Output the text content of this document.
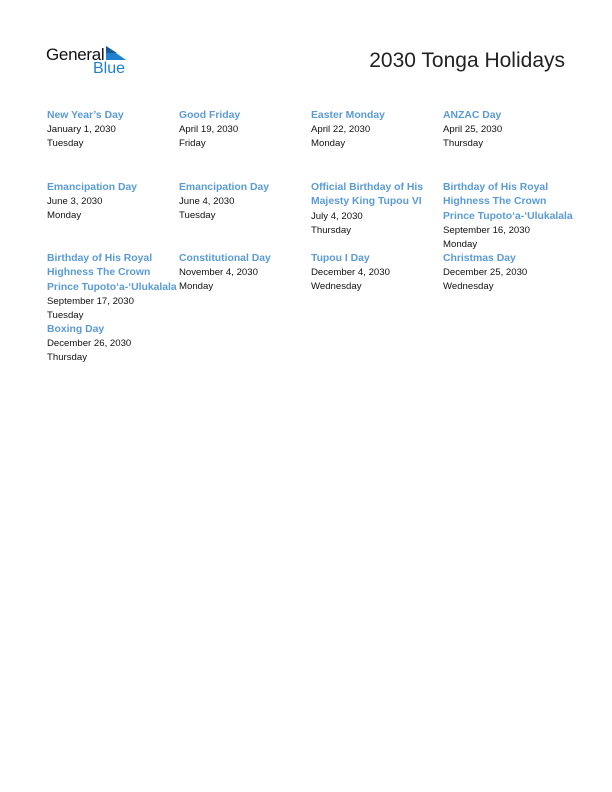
General
Blue	2030 Tonga Holidays
New Year’s Day
January 1, 2030
Tuesday
Good Friday
April 19, 2030
Friday
Easter Monday
April 22, 2030
Monday
ANZAC Day
April 25, 2030
Thursday
Emancipation Day
June 3, 2030
Monday
Emancipation Day
June 4, 2030
Tuesday
Official Birthday of His Majesty King Tupou VI
July 4, 2030
Thursday
Birthday of His Royal Highness The Crown Prince Tupoto‘a-‘Ulukalala
September 16, 2030
Monday
Birthday of His Royal Highness The Crown Prince Tupoto‘a-‘Ulukalala
September 17, 2030
Tuesday
Constitutional Day
November 4, 2030
Monday
Tupou I Day
December 4, 2030
Wednesday
Christmas Day
December 25, 2030
Wednesday
Boxing Day
December 26, 2030
Thursday
